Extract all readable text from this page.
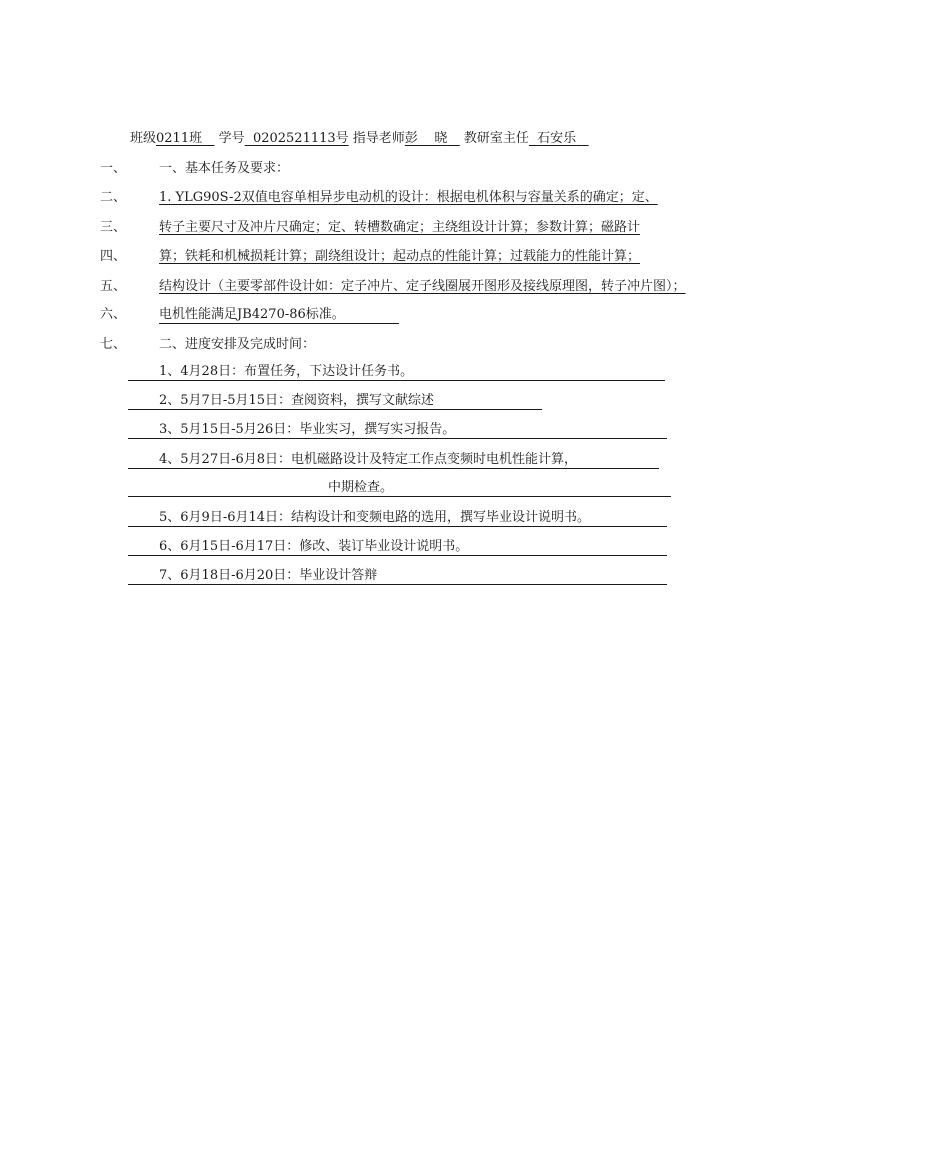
班级0211班 学号 0202521113号 指导老师彭    晓 教研室主任 石安乐
一、
二、
三、
四、
五、
六、
七、
一、基本任务及要求：
1. YLG90S-2双值电容单相异步电动机的设计：根据电机体积与容量关系的确定；定、
转子主要尺寸及冲片尺确定；定、转槽数确定；主绕组设计计算；参数计算；磁路计
算；铁耗和机械损耗计算；副绕组设计；起动点的性能计算；过载能力的性能计算；
结构设计（主要零部件设计如：定子冲片、定子线圈展开图形及接线原理图，转子冲片图）；
电机性能满足JB4270-86标准。
二、进度安排及完成时间：
1、4月28日：布置任务，下达设计任务书。
2、5月7日-5月15日：查阅资料，撰写文献综述
3、5月15日-5月26日：毕业实习，撰写实习报告。
4、5月27日-6月8日：电机磁路设计及特定工作点变频时电机性能计算，
中期检查。
5、6月9日-6月14日：结构设计和变频电路的选用，撰写毕业设计说明书。
6、6月15日-6月17日：修改、装订毕业设计说明书。
7、6月18日-6月20日：毕业设计答辩
